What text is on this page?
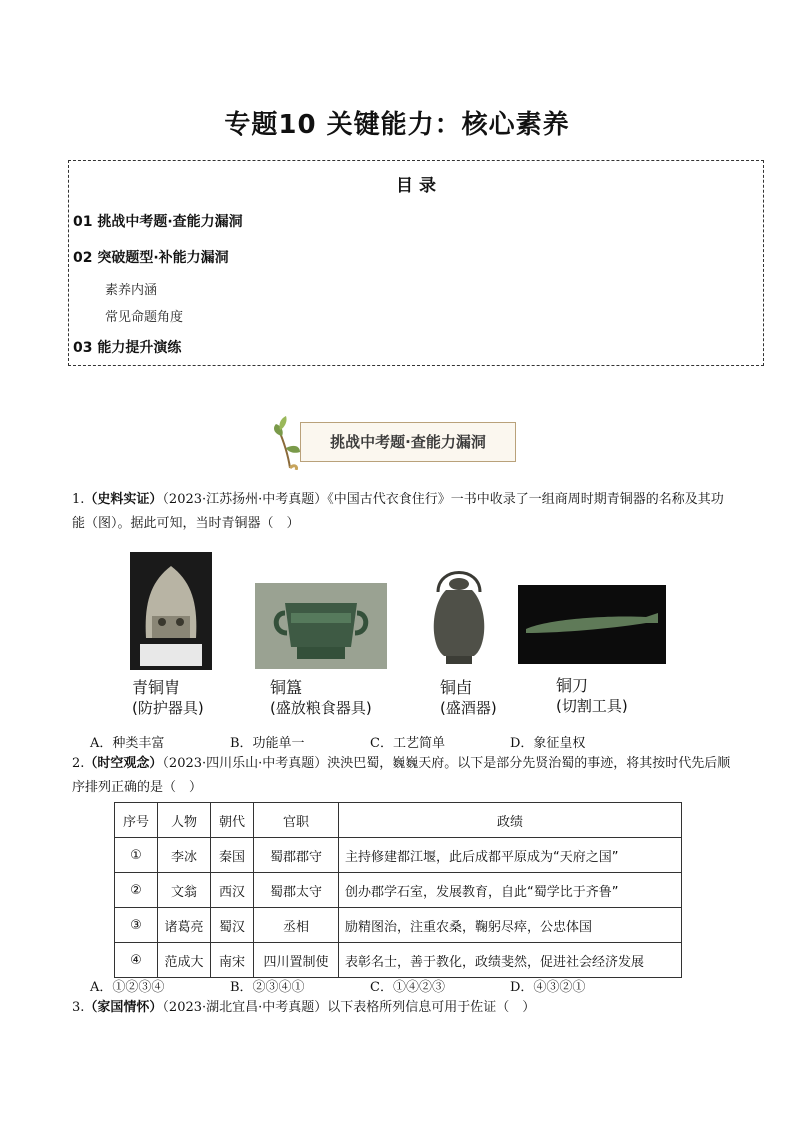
专题10 关键能力：核心素养
目 录
01 挑战中考题·查能力漏洞
02 突破题型·补能力漏洞
素养内涵
常见命题角度
03 能力提升演练
挑战中考题·查能力漏洞
1.（史料实证）（2023·江苏扬州·中考真题）《中国古代衣食住行》一书中收录了一组商周时期青铜器的名称及其功能（图）。据此可知，当时青铜器（　）
青铜胄
(防护器具)
铜簋
(盛放粮食器具)
铜卣
(盛酒器)
铜刀
(切割工具)
A．种类丰富	B．功能单一	C．工艺简单	D．象征皇权
2.（时空观念）（2023·四川乐山·中考真题）泱泱巴蜀，巍巍天府。以下是部分先贤治蜀的事迹，将其按时代先后顺序排列正确的是（　）
序号	人物	朝代	官职	政绩
①	李冰	秦国	蜀郡郡守	主持修建都江堰，此后成都平原成为“天府之国”
②	文翁	西汉	蜀郡太守	创办郡学石室，发展教育，自此“蜀学比于齐鲁”
③	诸葛亮	蜀汉	丞相	励精图治，注重农桑，鞠躬尽瘁，公忠体国
④	范成大	南宋	四川置制使	表彰名士，善于教化，政绩斐然，促进社会经济发展
A．①②③④	B．②③④①	C．①④②③	D．④③②①
3.（家国情怀）（2023·湖北宜昌·中考真题）以下表格所列信息可用于佐证（　）
